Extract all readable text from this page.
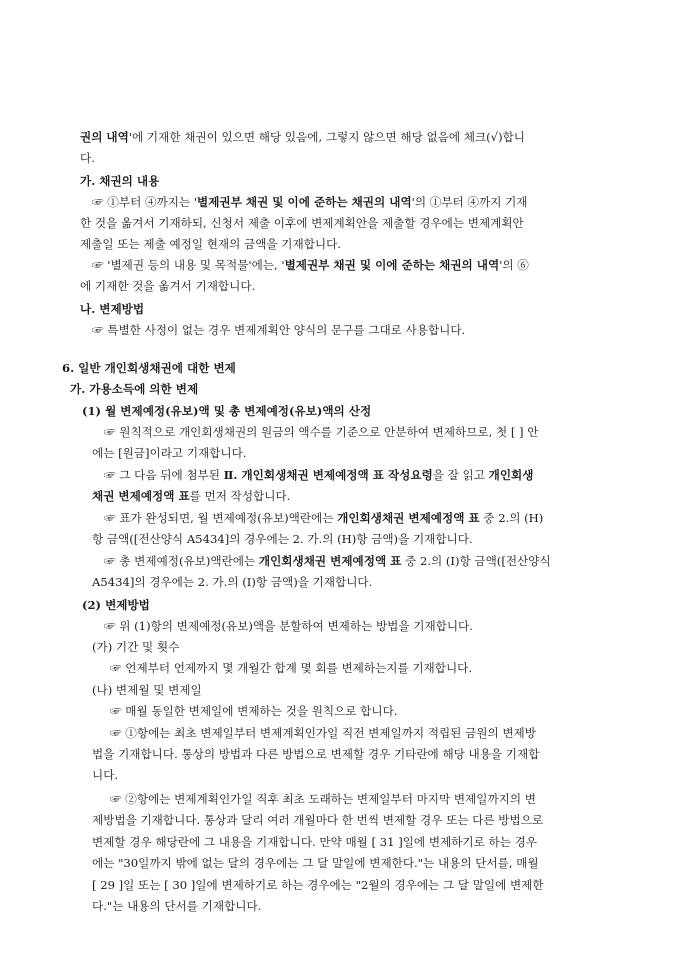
권의 내역'에 기재한 채권이 있으면 해당 있음에, 그렇지 않으면 해당 없음에 체크(√)합니
다.
가. 채권의 내용
☞ ①부터 ④까지는 '별제권부 채권 및 이에 준하는 채권의 내역'의 ①부터 ④까지 기재
한 것을 옮겨서 기재하되, 신청서 제출 이후에 변제계획안을 제출할 경우에는 변제계획안
제출일 또는 제출 예정일 현재의 금액을 기재합니다.
☞ '별제권 등의 내용 및 목적물'에는, '별제권부 채권 및 이에 준하는 채권의 내역'의 ⑥
에 기재한 것을 옮겨서 기재합니다.
나. 변제방법
☞ 특별한 사정이 없는 경우 변제계획안 양식의 문구를 그대로 사용합니다.
6. 일반 개인회생채권에 대한 변제
가. 가용소득에 의한 변제
(1) 월 변제예정(유보)액 및 총 변제예정(유보)액의 산정
☞ 원칙적으로 개인회생채권의 원금의 액수를 기준으로 안분하여 변제하므로, 첫 [ ] 안
에는 [원금]이라고 기재합니다.
☞ 그 다음 뒤에 첨부된 Ⅱ. 개인회생채권 변제예정액 표 작성요령을 잘 읽고 개인회생
채권 변제예정액 표를 먼저 작성합니다.
☞ 표가 완성되면, 월 변제예정(유보)액란에는 개인회생채권 변제예정액 표 중 2.의 (H)
항 금액([전산양식 A5434]의 경우에는 2. 가.의 (H)항 금액)을 기재합니다.
☞ 총 변제예정(유보)액란에는 개인회생채권 변제예정액 표 중 2.의 (I)항 금액([전산양식
A5434]의 경우에는 2. 가.의 (I)항 금액)을 기재합니다.
(2) 변제방법
☞ 위 (1)항의 변제예정(유보)액을 분할하여 변제하는 방법을 기재합니다.
(가) 기간 및 횟수
☞ 언제부터 언제까지 몇 개월간 합계 몇 회를 변제하는지를 기재합니다.
(나) 변제월 및 변제일
☞ 매월 동일한 변제일에 변제하는 것을 원칙으로 합니다.
☞ ①항에는 최초 변제일부터 변제계획인가일 직전 변제일까지 적립된 금원의 변제방
법을 기재합니다. 통상의 방법과 다른 방법으로 변제할 경우 기타란에 해당 내용을 기재합
니다.
☞ ②항에는 변제계획인가일 직후 최초 도래하는 변제일부터 마지막 변제일까지의 변
제방법을 기재합니다. 통상과 달리 여러 개월마다 한 번씩 변제할 경우 또는 다른 방법으로
변제할 경우 해당란에 그 내용을 기재합니다. 만약 매월 [ 31 ]일에 변제하기로 하는 경우
에는 "30일까지 밖에 없는 달의 경우에는 그 달 말일에 변제한다."는 내용의 단서를, 매월
[ 29 ]일 또는 [ 30 ]일에 변제하기로 하는 경우에는 "2월의 경우에는 그 달 말일에 변제한
다."는 내용의 단서를 기재합니다.
